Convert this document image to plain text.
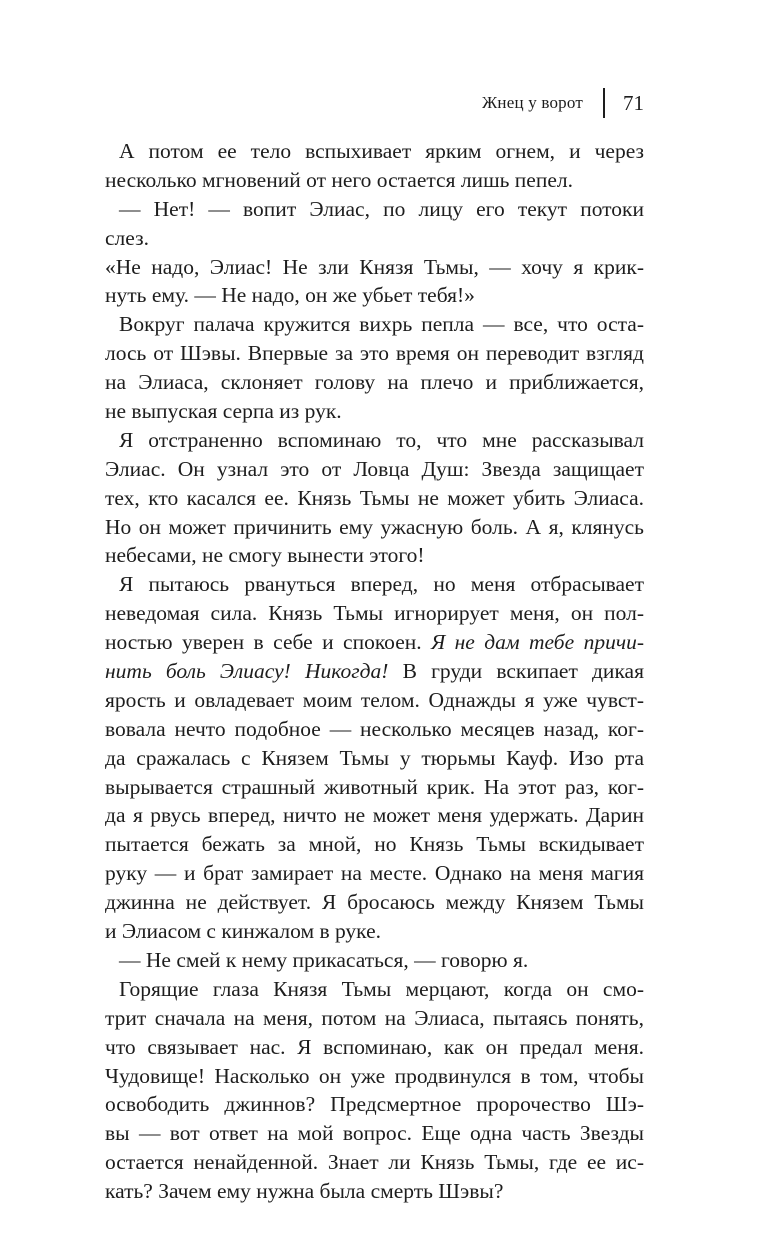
Жнец у ворот 71
А потом ее тело вспыхивает ярким огнем, и через
несколько мгновений от него остается лишь пепел.
— Нет! — вопит Элиас, по лицу его текут потоки
слез.
«Не надо, Элиас! Не зли Князя Тьмы, — хочу я крик-
нуть ему. — Не надо, он же убьет тебя!»
Вокруг палача кружится вихрь пепла — все, что оста-
лось от Шэвы. Впервые за это время он переводит взгляд
на Элиаса, склоняет голову на плечо и приближается,
не выпуская серпа из рук.
Я отстраненно вспоминаю то, что мне рассказывал
Элиас. Он узнал это от Ловца Душ: Звезда защищает
тех, кто касался ее. Князь Тьмы не может убить Элиаса.
Но он может причинить ему ужасную боль. А я, клянусь
небесами, не смогу вынести этого!
Я пытаюсь рвануться вперед, но меня отбрасывает
неведомая сила. Князь Тьмы игнорирует меня, он пол-
ностью уверен в себе и спокоен. Я не дам тебе причи-
нить боль Элиасу! Никогда! В груди вскипает дикая
ярость и овладевает моим телом. Однажды я уже чувст-
вовала нечто подобное — несколько месяцев назад, ког-
да сражалась с Князем Тьмы у тюрьмы Кауф. Изо рта
вырывается страшный животный крик. На этот раз, ког-
да я рвусь вперед, ничто не может меня удержать. Дарин
пытается бежать за мной, но Князь Тьмы вскидывает
руку — и брат замирает на месте. Однако на меня магия
джинна не действует. Я бросаюсь между Князем Тьмы
и Элиасом с кинжалом в руке.
— Не смей к нему прикасаться, — говорю я.
Горящие глаза Князя Тьмы мерцают, когда он смо-
трит сначала на меня, потом на Элиаса, пытаясь понять,
что связывает нас. Я вспоминаю, как он предал меня.
Чудовище! Насколько он уже продвинулся в том, чтобы
освободить джиннов? Предсмертное пророчество Шэ-
вы — вот ответ на мой вопрос. Еще одна часть Звезды
остается ненайденной. Знает ли Князь Тьмы, где ее ис-
кать? Зачем ему нужна была смерть Шэвы?
